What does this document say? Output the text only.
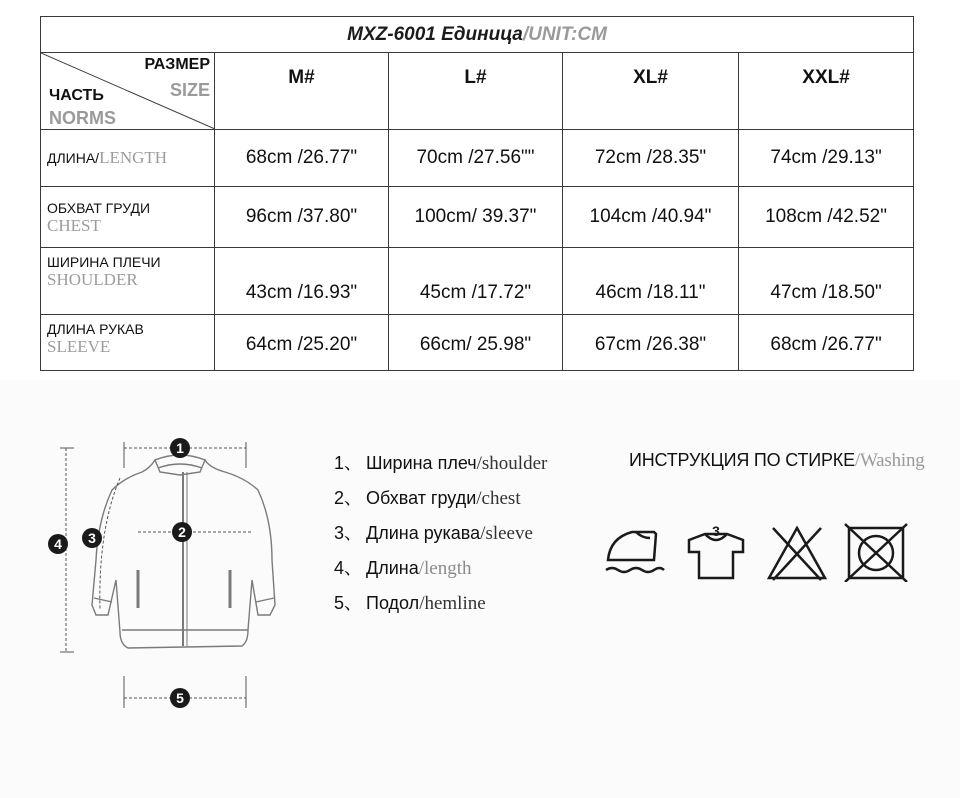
MXZ-6001 Единица/UNIT:CM				

РАЗМЕР
SIZE
ЧАСТЬ
NORMS	M#	L#	XL#	XXL#
ДЛИНА/LENGTH	68cm /26.77"	70cm /27.56""	72cm /28.35"	74cm /29.13"

ОБХВАТ ГРУДИ
CHEST	96cm /37.80"	100cm/ 39.37"	104cm /40.94"	108cm /42.52"

ШИРИНА ПЛЕЧИ
SHOULDER	43cm /16.93"	45cm /17.72"	46cm /18.11"	47cm /18.50"

ДЛИНА РУКАВ
SLEEVE	64cm /25.20"	66cm/ 25.98"	67cm /26.38"	68cm /26.77"
1
2
3
4
5
1、 Ширина плеч/shoulder
2、 Обхват груди/chest
3、 Длина рукава/sleeve
4、 Длина/length
5、 Подол/hemline
ИНСТРУКЦИЯ ПО СТИРКЕ/Washing
3
